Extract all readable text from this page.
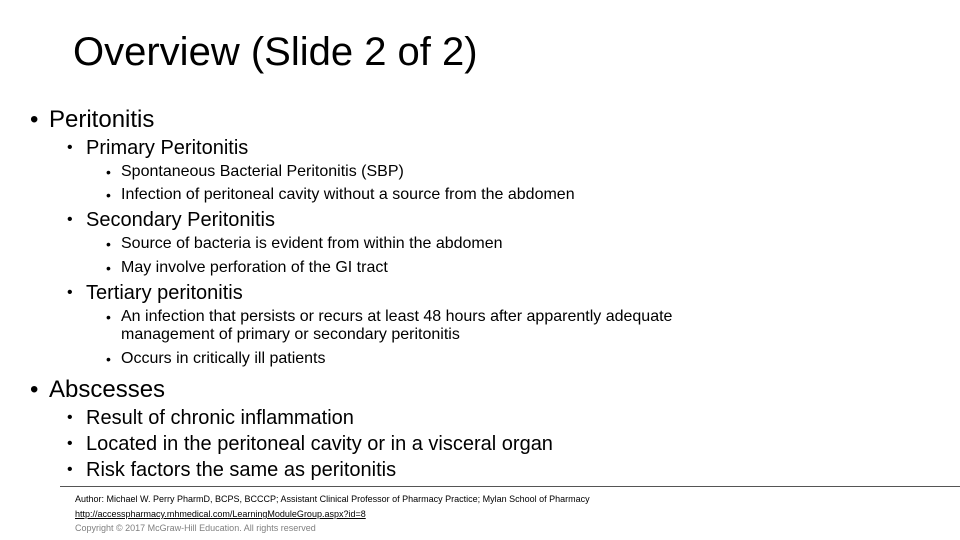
Overview (Slide 2 of 2)
• Peritonitis
• Primary Peritonitis
• Spontaneous Bacterial Peritonitis (SBP)
• Infection of peritoneal cavity without a source from the abdomen
• Secondary Peritonitis
• Source of bacteria is evident from within the abdomen
• May involve perforation of the GI tract
• Tertiary peritonitis
• An infection that persists or recurs at least 48 hours after apparently adequate
management of primary or secondary peritonitis
• Occurs in critically ill patients
• Abscesses
• Result of chronic inflammation
• Located in the peritoneal cavity or in a visceral organ
• Risk factors the same as peritonitis
Author: Michael W. Perry PharmD, BCPS, BCCCP; Assistant Clinical Professor of Pharmacy Practice; Mylan School of Pharmacy
http://accesspharmacy.mhmedical.com/LearningModuleGroup.aspx?id=8
Copyright © 2017 McGraw-Hill Education. All rights reserved
